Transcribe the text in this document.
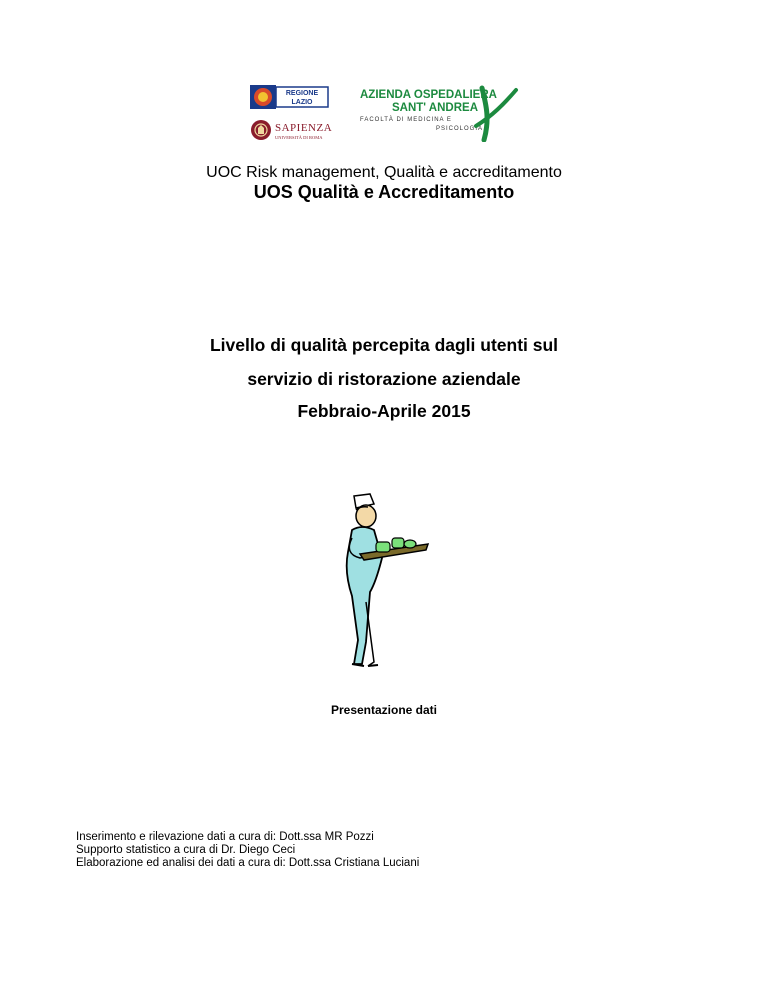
REGIONE
LAZIO
SAPIENZA
UNIVERSITÀ DI ROMA
AZIENDA OSPEDALIERA
SANT' ANDREA
FACOLTÀ DI MEDICINA E
PSICOLOGIA
UOC Risk management, Qualità e accreditamento
UOS Qualità e Accreditamento
Livello di qualità percepita dagli utenti sul
servizio di ristorazione aziendale
Febbraio-Aprile 2015
Presentazione dati
Inserimento e rilevazione dati a cura di: Dott.ssa MR Pozzi
Supporto statistico a cura di Dr. Diego Ceci
Elaborazione ed analisi dei dati a cura di: Dott.ssa Cristiana Luciani
